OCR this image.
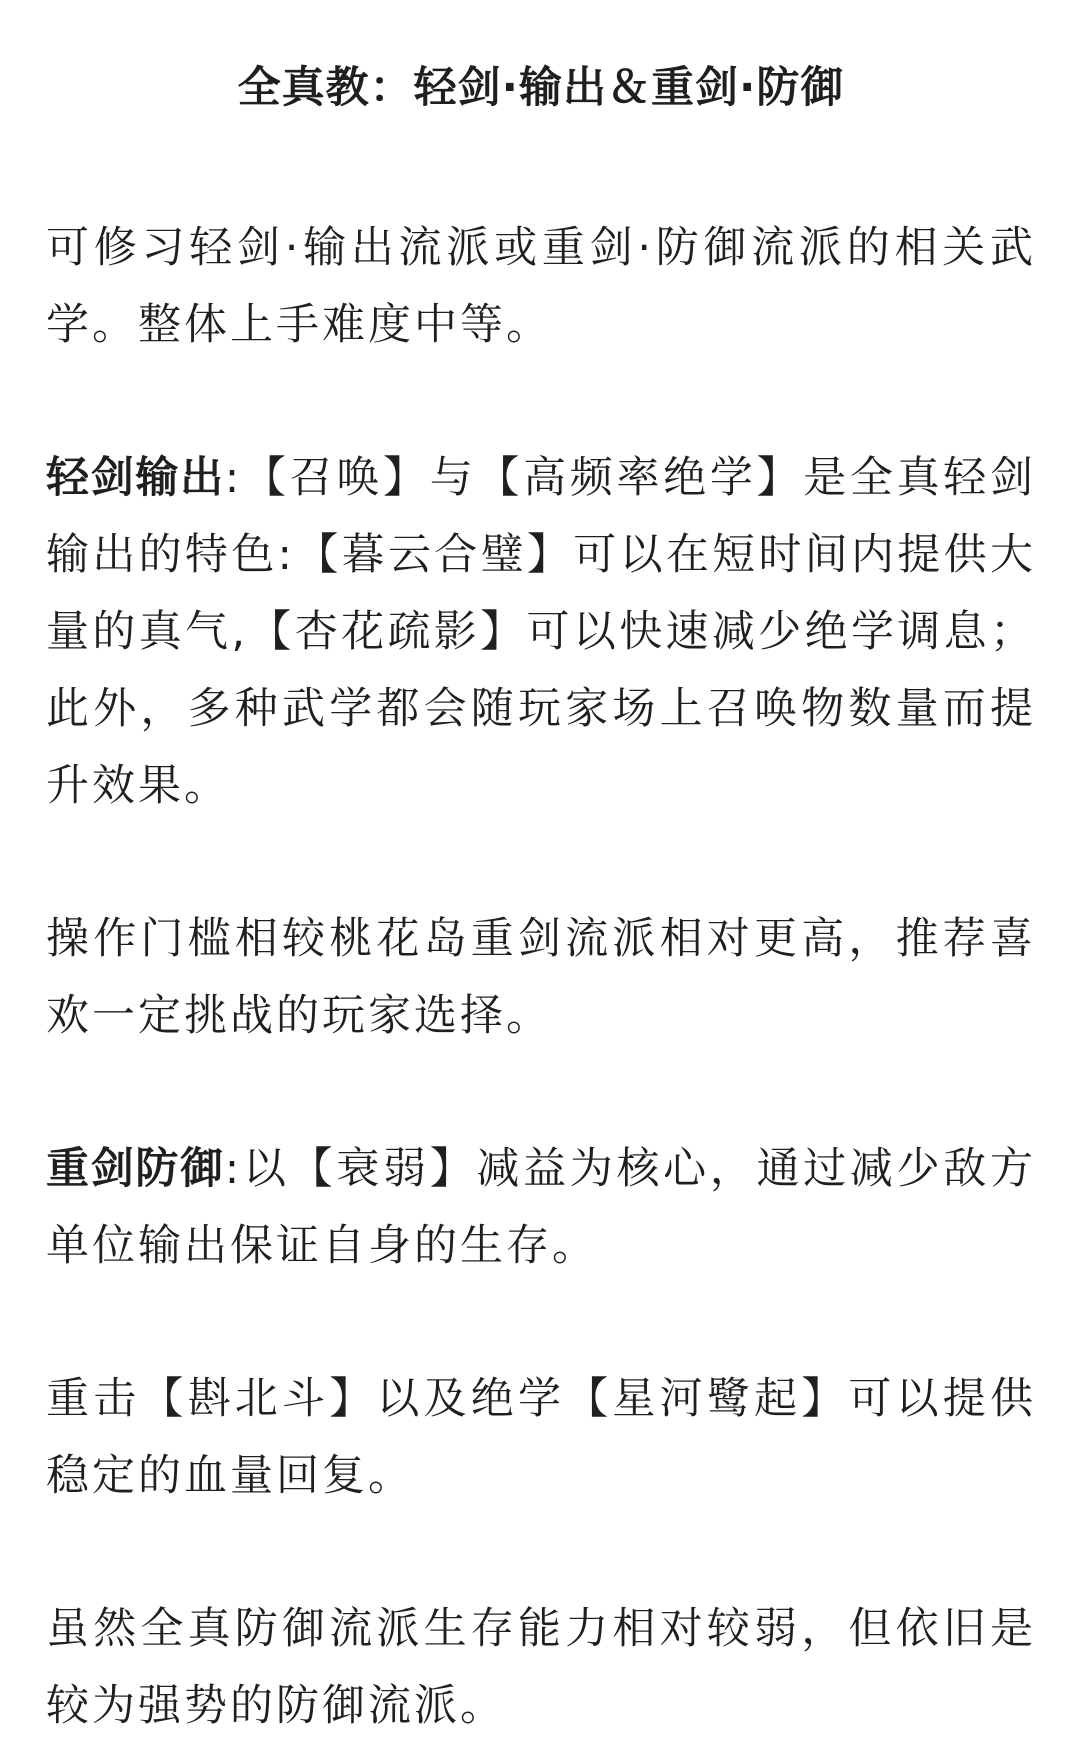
全真教：轻剑·输出＆重剑·防御

可修习轻剑·输出流派或重剑·防御流派的相关武学。整体上手难度中等。

轻剑输出:【召唤】与【高频率绝学】是全真轻剑输出的特色:【暮云合璧】可以在短时间内提供大量的真气,【杏花疏影】可以快速减少绝学调息；此外，多种武学都会随玩家场上召唤物数量而提升效果。

操作门槛相较桃花岛重剑流派相对更高，推荐喜欢一定挑战的玩家选择。

重剑防御:以【衰弱】减益为核心，通过减少敌方单位输出保证自身的生存。

重击【斟北斗】以及绝学【星河鹭起】可以提供稳定的血量回复。

虽然全真防御流派生存能力相对较弱，但依旧是较为强势的防御流派。
